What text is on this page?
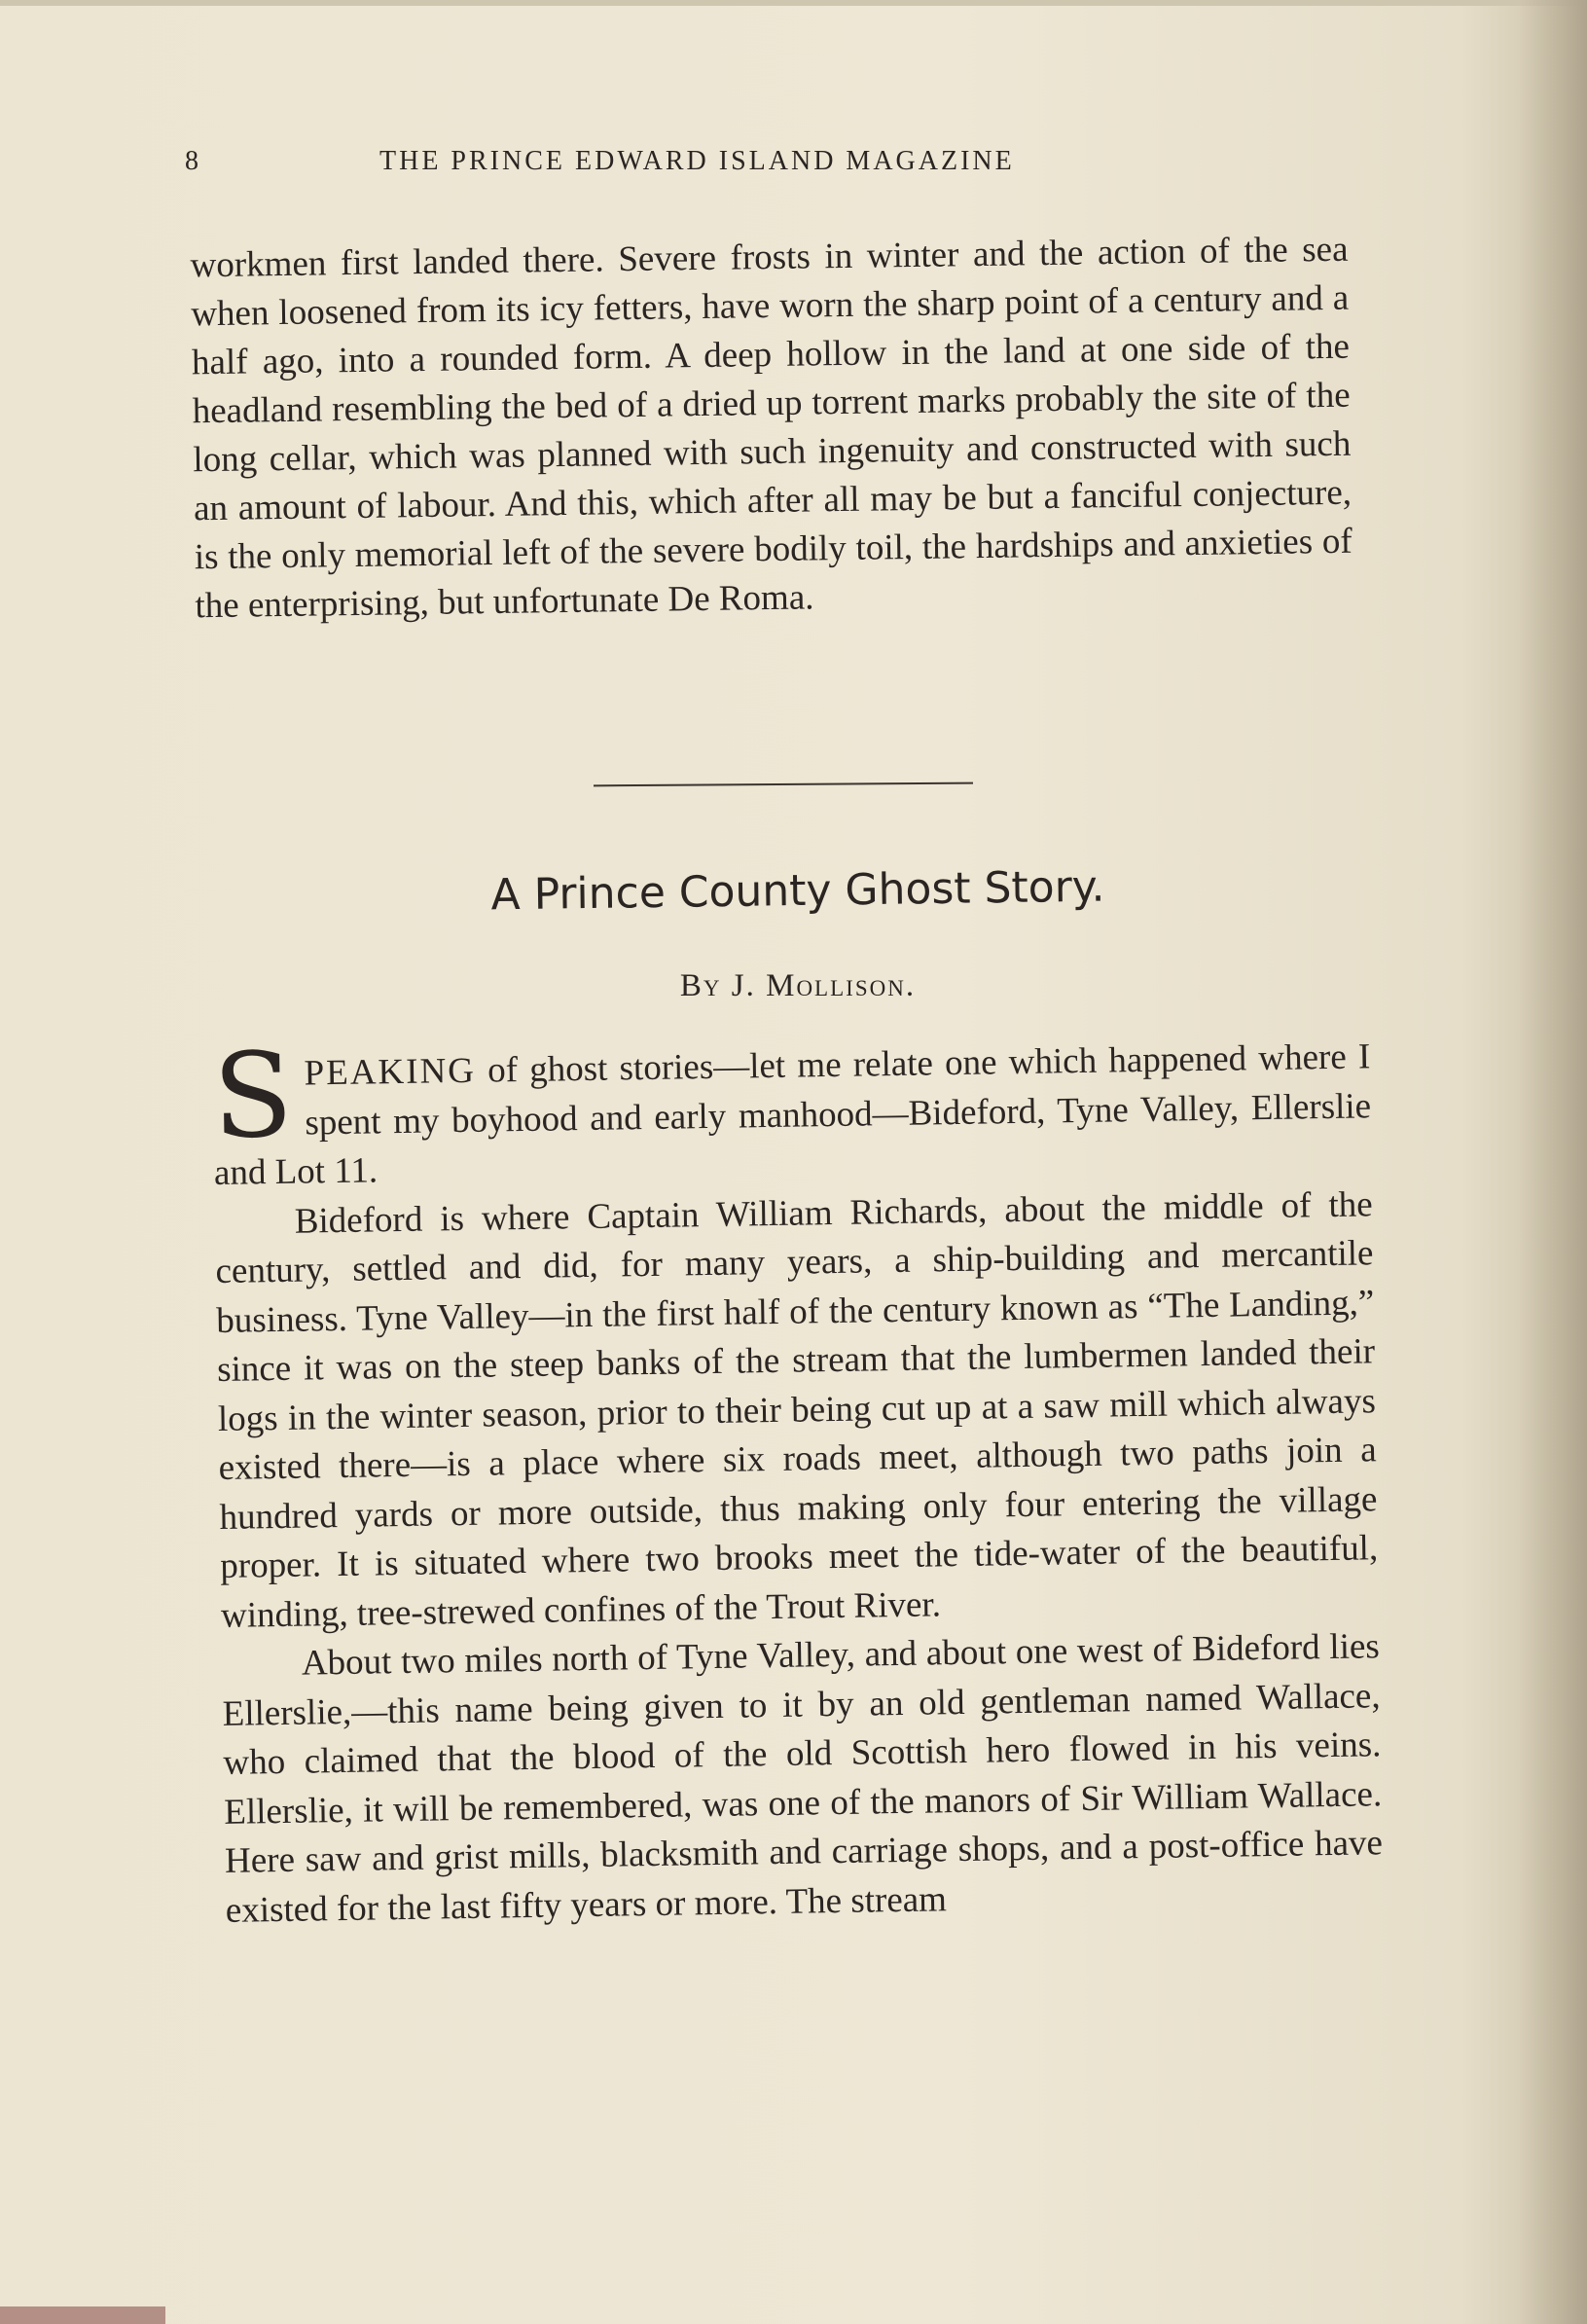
8	THE PRINCE EDWARD ISLAND MAGAZINE
workmen first landed there. Severe frosts in winter and the action of the sea when loosened from its icy fetters, have worn the sharp point of a century and a half ago, into a rounded form. A deep hollow in the land at one side of the headland resembling the bed of a dried up torrent marks probably the site of the long cellar, which was planned with such ingenuity and constructed with such an amount of labour. And this, which after all may be but a fanciful conjecture, is the only memorial left of the severe bodily toil, the hardships and anxieties of the enterprising, but unfortunate De Roma.
A Prince County Ghost Story.
By J. Mollison.

S PEAKING of ghost stories—let me relate one which happened where I spent my boyhood and early manhood—Bideford, Tyne Valley, Ellerslie and Lot 11.

Bideford is where Captain William Richards, about the middle of the century, settled and did, for many years, a ship-building and mercantile business. Tyne Valley—in the first half of the century known as “The Landing,” since it was on the steep banks of the stream that the lumbermen landed their logs in the winter season, prior to their being cut up at a saw mill which always existed there—is a place where six roads meet, although two paths join a hundred yards or more outside, thus making only four entering the village proper. It is situated where two brooks meet the tide-water of the beautiful, winding, tree-strewed confines of the Trout River.

About two miles north of Tyne Valley, and about one west of Bideford lies Ellerslie,—this name being given to it by an old gentleman named Wallace, who claimed that the blood of the old Scottish hero flowed in his veins. Ellerslie, it will be remembered, was one of the manors of Sir William Wallace. Here saw and grist mills, blacksmith and carriage shops, and a post-office have existed for the last fifty years or more. The stream
